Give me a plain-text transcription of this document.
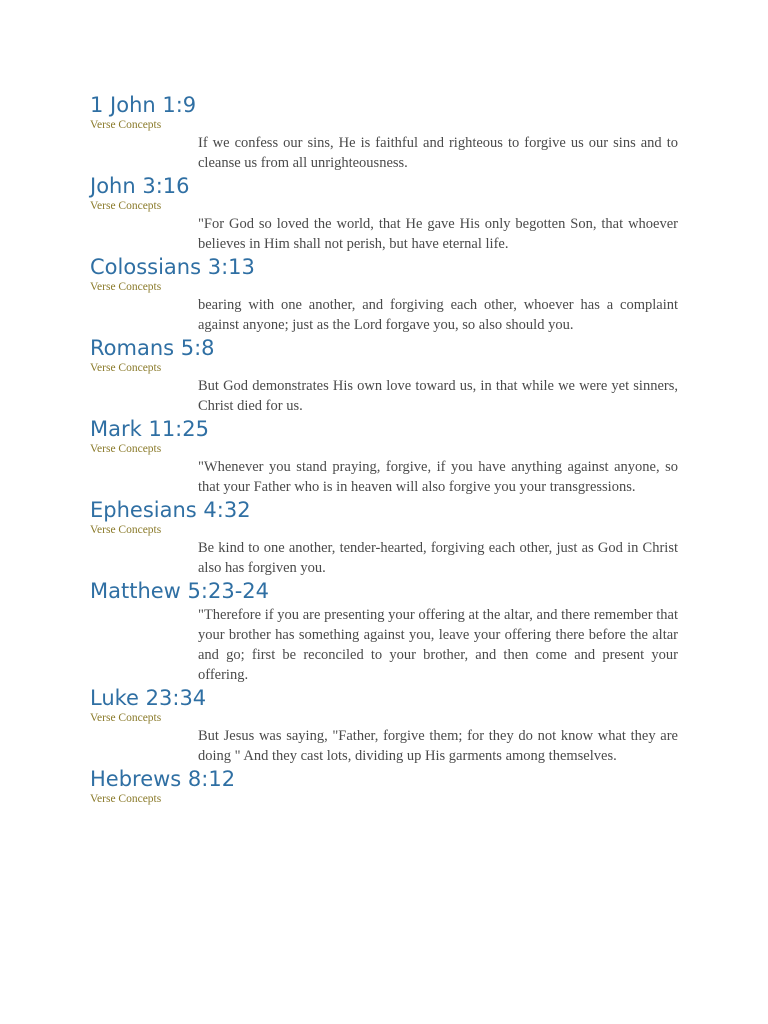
1 John 1:9
Verse Concepts
If we confess our sins, He is faithful and righteous to forgive us our sins and to cleanse us from all unrighteousness.
John 3:16
Verse Concepts
"For God so loved the world, that He gave His only begotten Son, that whoever believes in Him shall not perish, but have eternal life.
Colossians 3:13
Verse Concepts
bearing with one another, and forgiving each other, whoever has a complaint against anyone; just as the Lord forgave you, so also should you.
Romans 5:8
Verse Concepts
But God demonstrates His own love toward us, in that while we were yet sinners, Christ died for us.
Mark 11:25
Verse Concepts
"Whenever you stand praying, forgive, if you have anything against anyone, so that your Father who is in heaven will also forgive you your transgressions.
Ephesians 4:32
Verse Concepts
Be kind to one another, tender-hearted, forgiving each other, just as God in Christ also has forgiven you.
Matthew 5:23-24
"Therefore if you are presenting your offering at the altar, and there remember that your brother has something against you, leave your offering there before the altar and go; first be reconciled to your brother, and then come and present your offering.
Luke 23:34
Verse Concepts
But Jesus was saying, "Father, forgive them; for they do not know what they are doing " And they cast lots, dividing up His garments among themselves.
Hebrews 8:12
Verse Concepts
